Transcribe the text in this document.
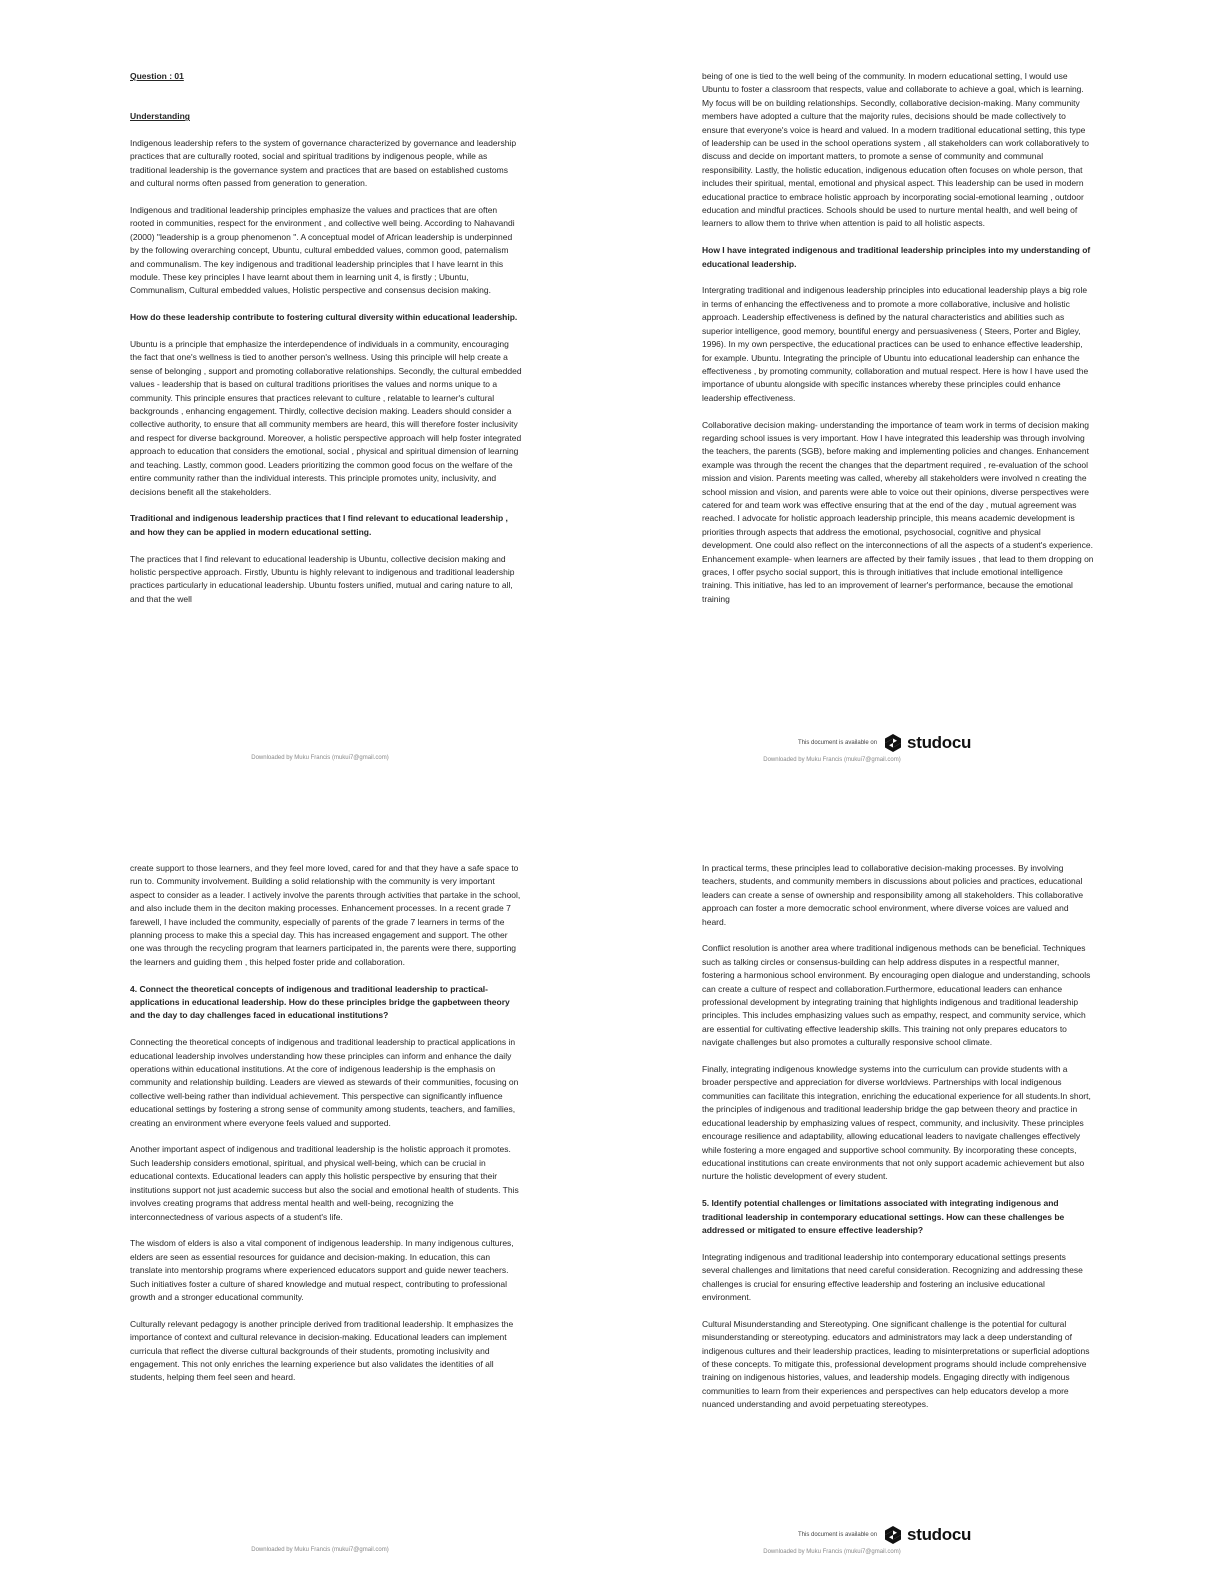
Question : 01
Understanding

Indigenous leadership refers to the system of governance characterized by governance and leadership practices that are culturally rooted, social and spiritual traditions by indigenous people, while as traditional leadership is the governance system and practices that are based on established customs and cultural norms often passed from generation to generation.

Indigenous and traditional leadership principles emphasize the values and practices that are often rooted in communities, respect for the environment , and collective well being. According to Nahavandi (2000) "leadership is a group phenomenon ". A conceptual model of African leadership is underpinned by the following overarching concept, Ubuntu, cultural embedded values, common good, paternalism and communalism. The key indigenous and traditional leadership principles that I have learnt in this module. These key principles I have learnt about them in learning unit 4, is firstly ; Ubuntu, Communalism, Cultural embedded values, Holistic perspective and consensus decision making.

How do these leadership contribute to fostering cultural diversity within educational leadership.

Ubuntu is a principle that emphasize the interdependence of individuals in a community, encouraging the fact that one's wellness is tied to another person's wellness. Using this principle will help create a sense of belonging , support and promoting collaborative relationships. Secondly, the cultural embedded values - leadership that is based on cultural traditions prioritises the values and norms unique to a community. This principle ensures that practices relevant to culture , relatable to learner's cultural backgrounds , enhancing engagement. Thirdly, collective decision making. Leaders should consider a collective authority, to ensure that all community members are heard, this will therefore foster inclusivity and respect for diverse background. Moreover, a holistic perspective approach will help foster integrated approach to education that considers the emotional, social , physical and spiritual dimension of learning and teaching. Lastly, common good. Leaders prioritizing the common good focus on the welfare of the entire community rather than the individual interests. This principle promotes unity, inclusivity, and decisions benefit all the stakeholders.

Traditional and indigenous leadership practices that I find relevant to educational leadership , and how they can be applied in modern educational setting.

The practices that I find relevant to educational leadership is Ubuntu, collective decision making and holistic perspective approach. Firstly, Ubuntu is highly relevant to indigenous and traditional leadership practices particularly in educational leadership. Ubuntu fosters unified, mutual and caring nature to all, and that the well

Downloaded by Muku Francis (mukui7@gmail.com)

being of one is tied to the well being of the community. In modern educational setting, I would use Ubuntu to foster a classroom that respects, value and collaborate to achieve a goal, which is learning. My focus will be on building relationships. Secondly, collaborative decision-making. Many community members have adopted a culture that the majority rules, decisions should be made collectively to ensure that everyone's voice is heard and valued. In a modern traditional educational setting, this type of leadership can be used in the school operations system , all stakeholders can work collaboratively to discuss and decide on important matters, to promote a sense of community and communal responsibility. Lastly, the holistic education, indigenous education often focuses on whole person, that includes their spiritual, mental, emotional and physical aspect. This leadership can be used in modern educational practice to embrace holistic approach by incorporating social-emotional learning , outdoor education and mindful practices. Schools should be used to nurture mental health, and well being of learners to allow them to thrive when attention is paid to all holistic aspects.

How I have integrated indigenous and traditional leadership principles into my understanding of educational leadership.

Intergrating traditional and indigenous leadership principles into educational leadership plays a big role in terms of enhancing the effectiveness and to promote a more collaborative, inclusive and holistic approach. Leadership effectiveness is defined by the natural characteristics and abilities such as superior intelligence, good memory, bountiful energy and persuasiveness ( Steers, Porter and Bigley, 1996). In my own perspective, the educational practices can be used to enhance effective leadership, for example. Ubuntu. Integrating the principle of Ubuntu into educational leadership can enhance the effectiveness , by promoting community, collaboration and mutual respect. Here is how I have used the importance of ubuntu alongside with specific instances whereby these principles could enhance leadership effectiveness.

Collaborative decision making- understanding the importance of team work in terms of decision making regarding school issues is very important. How I have integrated this leadership was through involving the teachers, the parents (SGB), before making and implementing policies and changes. Enhancement example was through the recent the changes that the department required , re-evaluation of the school mission and vision. Parents meeting was called, whereby all stakeholders were involved n creating the school mission and vision, and parents were able to voice out their opinions, diverse perspectives were catered for and team work was effective ensuring that at the end of the day , mutual agreement was reached. I advocate for holistic approach leadership principle, this means academic development is priorities through aspects that address the emotional, psychosocial, cognitive and physical development. One could also reflect on the interconnections of all the aspects of a student's experience. Enhancement example- when learners are affected by their family issues , that lead to them dropping on graces, I offer psycho social support, this is through initiatives that include emotional intelligence training. This initiative, has led to an improvement of learner's performance, because the emotional training

This document is available on studocu
Downloaded by Muku Francis (mukui7@gmail.com)

create support to those learners, and they feel more loved, cared for and that they have a safe space to run to. Community involvement. Building a solid relationship with the community is very important aspect to consider as a leader. I actively involve the parents through activities that partake in the school, and also include them in the deciton making processes. Enhancement processes. In a recent grade 7 farewell, I have included the community, especially of parents of the grade 7 learners in terms of the planning process to make this a special day. This has increased engagement and support. The other one was through the recycling program that learners participated in, the parents were there, supporting the learners and guiding them , this helped foster pride and collaboration.

4. Connect the theoretical concepts of indigenous and traditional leadership to practical-applications in educational leadership. How do these principles bridge the gapbetween theory and the day to day challenges faced in educational institutions?

Connecting the theoretical concepts of indigenous and traditional leadership to practical applications in educational leadership involves understanding how these principles can inform and enhance the daily operations within educational institutions. At the core of indigenous leadership is the emphasis on community and relationship building. Leaders are viewed as stewards of their communities, focusing on collective well-being rather than individual achievement. This perspective can significantly influence educational settings by fostering a strong sense of community among students, teachers, and families, creating an environment where everyone feels valued and supported.

Another important aspect of indigenous and traditional leadership is the holistic approach it promotes. Such leadership considers emotional, spiritual, and physical well-being, which can be crucial in educational contexts. Educational leaders can apply this holistic perspective by ensuring that their institutions support not just academic success but also the social and emotional health of students. This involves creating programs that address mental health and well-being, recognizing the interconnectedness of various aspects of a student's life.

The wisdom of elders is also a vital component of indigenous leadership. In many indigenous cultures, elders are seen as essential resources for guidance and decision-making. In education, this can translate into mentorship programs where experienced educators support and guide newer teachers. Such initiatives foster a culture of shared knowledge and mutual respect, contributing to professional growth and a stronger educational community.

Culturally relevant pedagogy is another principle derived from traditional leadership. It emphasizes the importance of context and cultural relevance in decision-making. Educational leaders can implement curricula that reflect the diverse cultural backgrounds of their students, promoting inclusivity and engagement. This not only enriches the learning experience but also validates the identities of all students, helping them feel seen and heard.

Downloaded by Muku Francis (mukui7@gmail.com)

In practical terms, these principles lead to collaborative decision-making processes. By involving teachers, students, and community members in discussions about policies and practices, educational leaders can create a sense of ownership and responsibility among all stakeholders. This collaborative approach can foster a more democratic school environment, where diverse voices are valued and heard.

Conflict resolution is another area where traditional indigenous methods can be beneficial. Techniques such as talking circles or consensus-building can help address disputes in a respectful manner, fostering a harmonious school environment. By encouraging open dialogue and understanding, schools can create a culture of respect and collaboration.Furthermore, educational leaders can enhance professional development by integrating training that highlights indigenous and traditional leadership principles. This includes emphasizing values such as empathy, respect, and community service, which are essential for cultivating effective leadership skills. This training not only prepares educators to navigate challenges but also promotes a culturally responsive school climate.

Finally, integrating indigenous knowledge systems into the curriculum can provide students with a broader perspective and appreciation for diverse worldviews. Partnerships with local indigenous communities can facilitate this integration, enriching the educational experience for all students.In short, the principles of indigenous and traditional leadership bridge the gap between theory and practice in educational leadership by emphasizing values of respect, community, and inclusivity. These principles encourage resilience and adaptability, allowing educational leaders to navigate challenges effectively while fostering a more engaged and supportive school community. By incorporating these concepts, educational institutions can create environments that not only support academic achievement but also nurture the holistic development of every student.

5. Identify potential challenges or limitations associated with integrating indigenous and traditional leadership in contemporary educational settings. How can these challenges be addressed or mitigated to ensure effective leadership?

Integrating indigenous and traditional leadership into contemporary educational settings presents several challenges and limitations that need careful consideration. Recognizing and addressing these challenges is crucial for ensuring effective leadership and fostering an inclusive educational environment.

Cultural Misunderstanding and Stereotyping. One significant challenge is the potential for cultural misunderstanding or stereotyping. educators and administrators may lack a deep understanding of indigenous cultures and their leadership practices, leading to misinterpretations or superficial adoptions of these concepts. To mitigate this, professional development programs should include comprehensive training on indigenous histories, values, and leadership models. Engaging directly with indigenous communities to learn from their experiences and perspectives can help educators develop a more nuanced understanding and avoid perpetuating stereotypes.

This document is available on studocu
Downloaded by Muku Francis (mukui7@gmail.com)
